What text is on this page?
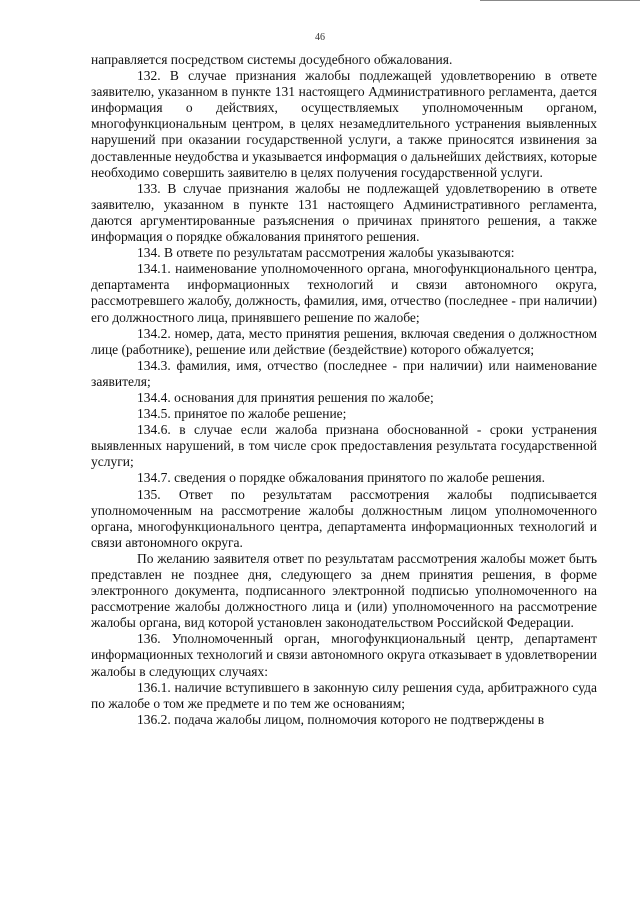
46

направляется посредством системы досудебного обжалования.

132. В случае признания жалобы подлежащей удовлетворению в ответе заявителю, указанном в пункте 131 настоящего Административного регламента, дается информация о действиях, осуществляемых уполномоченным органом, многофункциональным центром, в целях незамедлительного устранения выявленных нарушений при оказании государственной услуги, а также приносятся извинения за доставленные неудобства и указывается информация о дальнейших действиях, которые необходимо совершить заявителю в целях получения государственной услуги.

133. В случае признания жалобы не подлежащей удовлетворению в ответе заявителю, указанном в пункте 131 настоящего Административного регламента, даются аргументированные разъяснения о причинах принятого решения, а также информация о порядке обжалования принятого решения.

134. В ответе по результатам рассмотрения жалобы указываются:

134.1. наименование уполномоченного органа, многофункционального центра, департамента информационных технологий и связи автономного округа, рассмотревшего жалобу, должность, фамилия, имя, отчество (последнее - при наличии) его должностного лица, принявшего решение по жалобе;

134.2. номер, дата, место принятия решения, включая сведения о должностном лице (работнике), решение или действие (бездействие) которого обжалуется;

134.3. фамилия, имя, отчество (последнее - при наличии) или наименование заявителя;

134.4. основания для принятия решения по жалобе;

134.5. принятое по жалобе решение;

134.6. в случае если жалоба признана обоснованной - сроки устранения выявленных нарушений, в том числе срок предоставления результата государственной услуги;

134.7. сведения о порядке обжалования принятого по жалобе решения.

135. Ответ по результатам рассмотрения жалобы подписывается уполномоченным на рассмотрение жалобы должностным лицом уполномоченного органа, многофункционального центра, департамента информационных технологий и связи автономного округа.

По желанию заявителя ответ по результатам рассмотрения жалобы может быть представлен не позднее дня, следующего за днем принятия решения, в форме электронного документа, подписанного электронной подписью уполномоченного на рассмотрение жалобы должностного лица и (или) уполномоченного на рассмотрение жалобы органа, вид которой установлен законодательством Российской Федерации.

136. Уполномоченный орган, многофункциональный центр, департамент информационных технологий и связи автономного округа отказывает в удовлетворении жалобы в следующих случаях:

136.1. наличие вступившего в законную силу решения суда, арбитражного суда по жалобе о том же предмете и по тем же основаниям;

136.2. подача жалобы лицом, полномочия которого не подтверждены в
